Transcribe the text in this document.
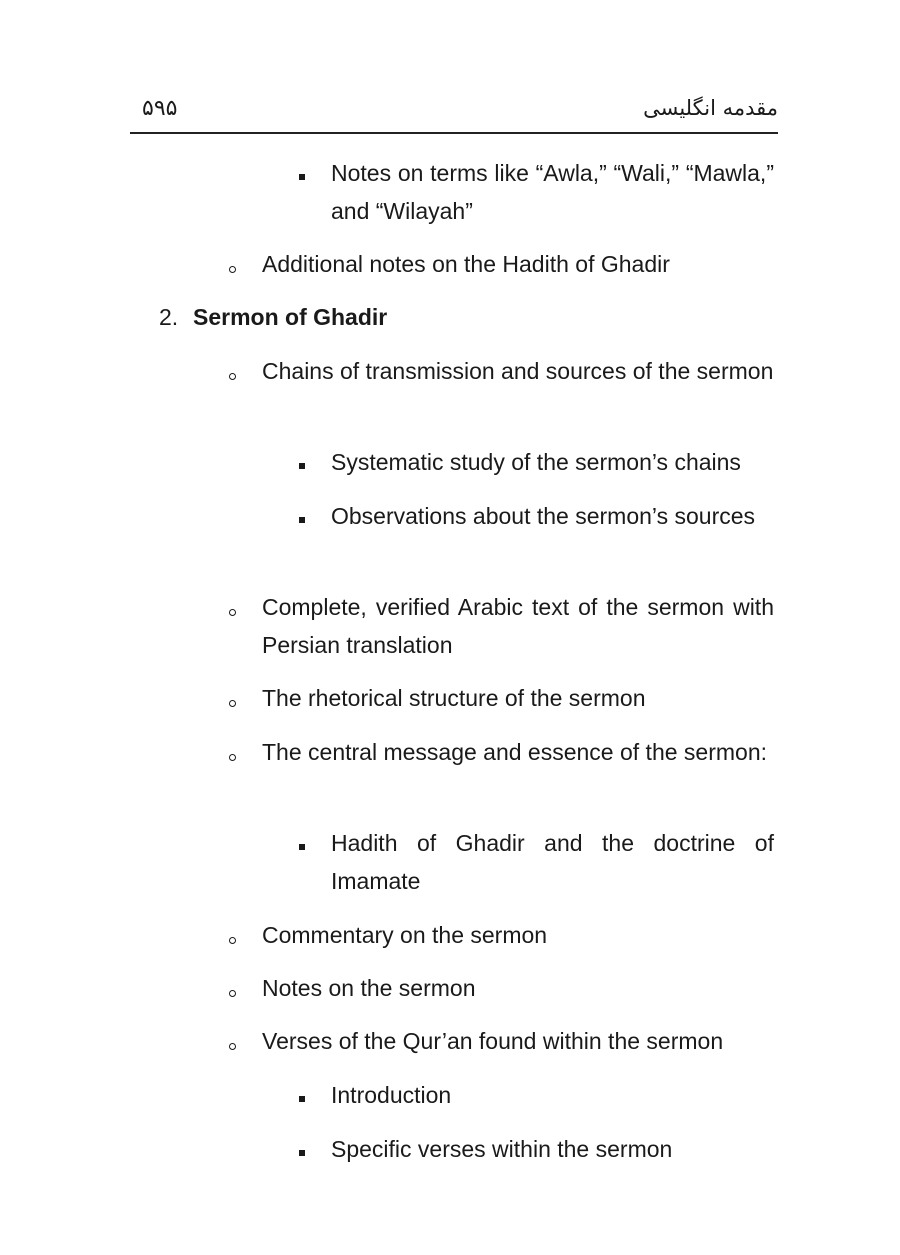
۵۹۵	مقدمه انگلیسی
Notes on terms like “Awla,” “Wali,” “Mawla,” and “Wilayah”
Additional notes on the Hadith of Ghadir
2. Sermon of Ghadir
Chains of transmission and sources of the sermon
Systematic study of the sermon’s chains
Observations about the sermon’s sources
Complete, verified Arabic text of the sermon with Persian translation
The rhetorical structure of the sermon
The central message and essence of the sermon:
Hadith of Ghadir and the doctrine of Imamate
Commentary on the sermon
Notes on the sermon
Verses of the Qur’an found within the sermon
Introduction
Specific verses within the sermon
